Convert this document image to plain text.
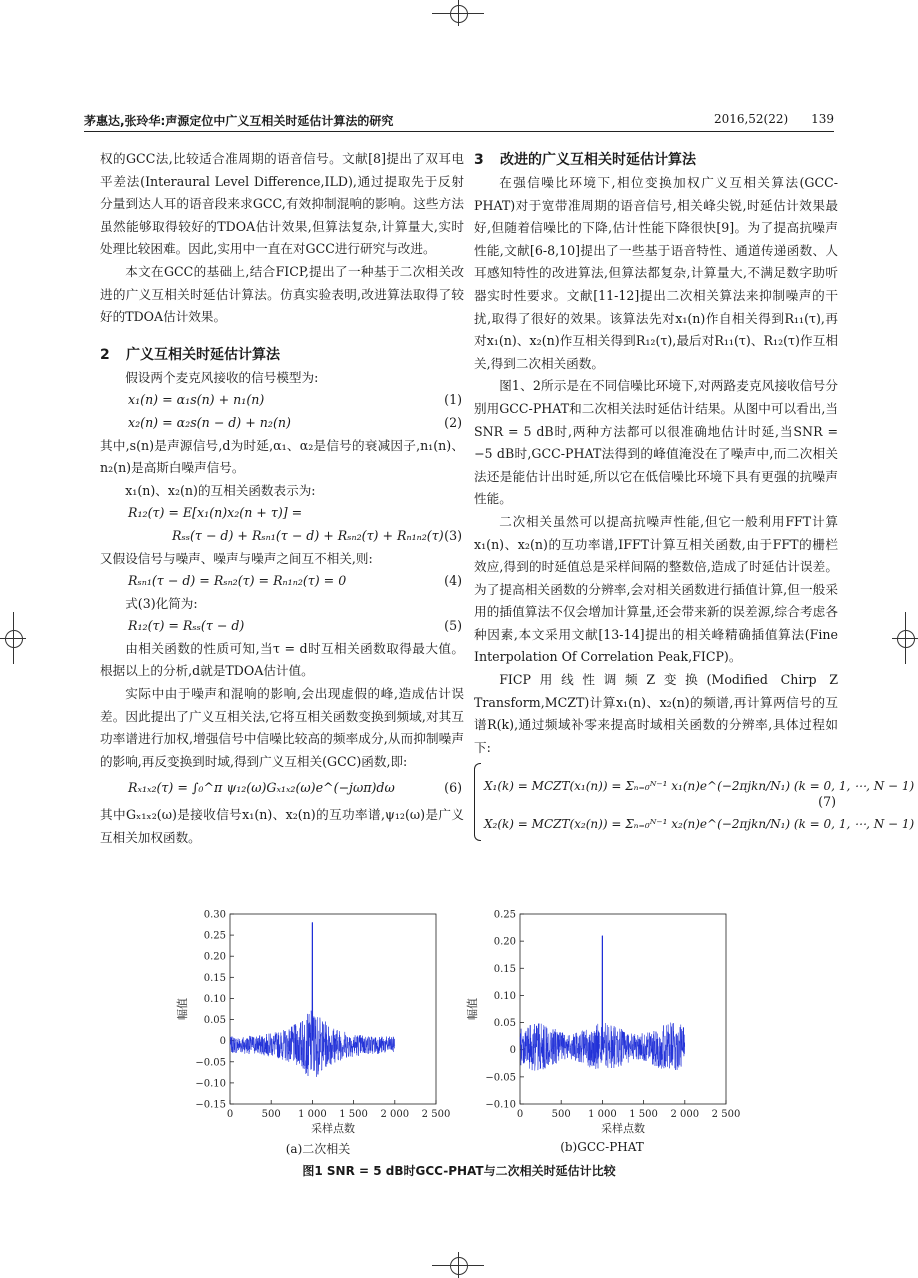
茅惠达,张玲华:声源定位中广义互相关时延估计算法的研究	2016,52(22) 139

权的GCC法,比较适合准周期的语音信号。文献[8]提出了双耳电平差法(Interaural Level Difference,ILD),通过提取先于反射分量到达人耳的语音段来求GCC,有效抑制混响的影响。这些方法虽然能够取得较好的TDOA估计效果,但算法复杂,计算量大,实时处理比较困难。因此,实用中一直在对GCC进行研究与改进。

本文在GCC的基础上,结合FICP,提出了一种基于二次相关改进的广义互相关时延估计算法。仿真实验表明,改进算法取得了较好的TDOA估计效果。

2 广义互相关时延估计算法

假设两个麦克风接收的信号模型为:

x₁(n) = α₁s(n) + n₁(n)	(1)

x₂(n) = α₂s(n − d) + n₂(n)	(2)

其中,s(n)是声源信号,d为时延,α₁、α₂是信号的衰减因子,n₁(n)、n₂(n)是高斯白噪声信号。

x₁(n)、x₂(n)的互相关函数表示为:

R₁₂(τ) = E[x₁(n)x₂(n + τ)] =

Rₛₛ(τ − d) + Rₛₙ₁(τ − d) + Rₛₙ₂(τ) + Rₙ₁ₙ₂(τ) (3)

又假设信号与噪声、噪声与噪声之间互不相关,则:

Rₛₙ₁(τ − d) = Rₛₙ₂(τ) = Rₙ₁ₙ₂(τ) = 0	(4)

式(3)化简为:

R₁₂(τ) = Rₛₛ(τ − d)	(5)

由相关函数的性质可知,当τ = d时互相关函数取得最大值。根据以上的分析,d就是TDOA估计值。

实际中由于噪声和混响的影响,会出现虚假的峰,造成估计误差。因此提出了广义互相关法,它将互相关函数变换到频域,对其互功率谱进行加权,增强信号中信噪比较高的频率成分,从而抑制噪声的影响,再反变换到时域,得到广义互相关(GCC)函数,即:

Rₓ₁ₓ₂(τ) = ∫₀^π ψ₁₂(ω)Gₓ₁ₓ₂(ω)e^(−jωπ)dω	(6)

其中Gₓ₁ₓ₂(ω)是接收信号x₁(n)、x₂(n)的互功率谱,ψ₁₂(ω)是广义互相关加权函数。

3 改进的广义互相关时延估计算法

在强信噪比环境下,相位变换加权广义互相关算法(GCC-PHAT)对于宽带准周期的语音信号,相关峰尖锐,时延估计效果最好,但随着信噪比的下降,估计性能下降很快[9]。为了提高抗噪声性能,文献[6-8,10]提出了一些基于语音特性、通道传递函数、人耳感知特性的改进算法,但算法都复杂,计算量大,不满足数字助听器实时性要求。文献[11-12]提出二次相关算法来抑制噪声的干扰,取得了很好的效果。该算法先对x₁(n)作自相关得到R₁₁(τ),再对x₁(n)、x₂(n)作互相关得到R₁₂(τ),最后对R₁₁(τ)、R₁₂(τ)作互相关,得到二次相关函数。

图1、2所示是在不同信噪比环境下,对两路麦克风接收信号分别用GCC-PHAT和二次相关法时延估计结果。从图中可以看出,当SNR = 5 dB时,两种方法都可以很准确地估计时延,当SNR = −5 dB时,GCC-PHAT法得到的峰值淹没在了噪声中,而二次相关法还是能估计出时延,所以它在低信噪比环境下具有更强的抗噪声性能。

二次相关虽然可以提高抗噪声性能,但它一般利用FFT计算x₁(n)、x₂(n)的互功率谱,IFFT计算互相关函数,由于FFT的栅栏效应,得到的时延值总是采样间隔的整数倍,造成了时延估计误差。为了提高相关函数的分辨率,会对相关函数进行插值计算,但一般采用的插值算法不仅会增加计算量,还会带来新的误差源,综合考虑各种因素,本文采用文献[13-14]提出的相关峰精确插值算法(Fine Interpolation Of Correlation Peak,FICP)。

FICP用线性调频Z变换(Modified Chirp Z Transform,MCZT)计算x₁(n)、x₂(n)的频谱,再计算两信号的互谱R(k),通过频域补零来提高时域相关函数的分辨率,具体过程如下:

X₁(k) = MCZT(x₁(n)) = Σₙ₌₀ᴺ⁻¹ x₁(n)e^(−2πjkn/N₁) (k = 0, 1, ⋯, N − 1)
X₂(k) = MCZT(x₂(n)) = Σₙ₌₀ᴺ⁻¹ x₂(n)e^(−2πjkn/N₁) (k = 0, 1, ⋯, N − 1)
(7)
0.30
0.25
0.20
0.15
0.10
0.05
0
−0.05
−0.10
−0.15
0	500 1 000 1 500 2 000 2 500
采样点数
幅值
0.25
0.20
0.15
0.10
0.05
0
−0.05
−0.10
0	500 1 000 1 500 2 000 2 500
采样点数
幅值
(a)二次相关	(b)GCC-PHAT
图1 SNR = 5 dB时GCC-PHAT与二次相关时延估计比较
